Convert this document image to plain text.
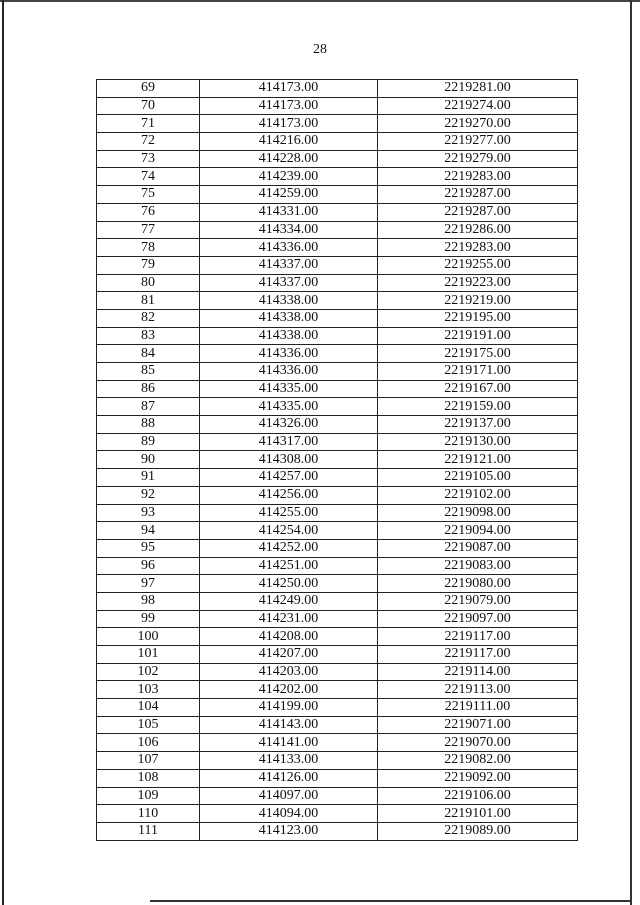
28
69	414173.00	2219281.00
70	414173.00	2219274.00
71	414173.00	2219270.00
72	414216.00	2219277.00
73	414228.00	2219279.00
74	414239.00	2219283.00
75	414259.00	2219287.00
76	414331.00	2219287.00
77	414334.00	2219286.00
78	414336.00	2219283.00
79	414337.00	2219255.00
80	414337.00	2219223.00
81	414338.00	2219219.00
82	414338.00	2219195.00
83	414338.00	2219191.00
84	414336.00	2219175.00
85	414336.00	2219171.00
86	414335.00	2219167.00
87	414335.00	2219159.00
88	414326.00	2219137.00
89	414317.00	2219130.00
90	414308.00	2219121.00
91	414257.00	2219105.00
92	414256.00	2219102.00
93	414255.00	2219098.00
94	414254.00	2219094.00
95	414252.00	2219087.00
96	414251.00	2219083.00
97	414250.00	2219080.00
98	414249.00	2219079.00
99	414231.00	2219097.00
100	414208.00	2219117.00
101	414207.00	2219117.00
102	414203.00	2219114.00
103	414202.00	2219113.00
104	414199.00	2219111.00
105	414143.00	2219071.00
106	414141.00	2219070.00
107	414133.00	2219082.00
108	414126.00	2219092.00
109	414097.00	2219106.00
110	414094.00	2219101.00
111	414123.00	2219089.00
